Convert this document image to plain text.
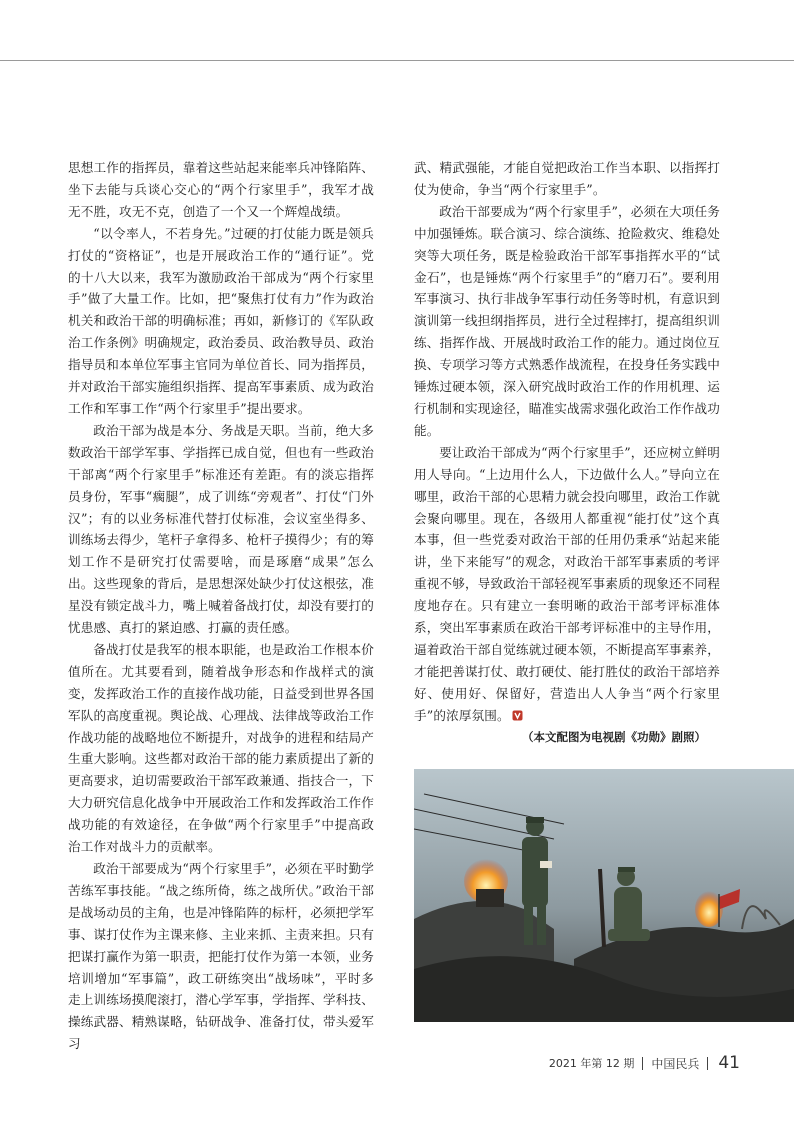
思想工作的指挥员，靠着这些站起来能率兵冲锋陷阵、坐下去能与兵谈心交心的“两个行家里手”，我军才战无不胜，攻无不克，创造了一个又一个辉煌战绩。

“以令率人，不若身先。”过硬的打仗能力既是领兵打仗的“资格证”，也是开展政治工作的“通行证”。党的十八大以来，我军为激励政治干部成为“两个行家里手”做了大量工作。比如，把“聚焦打仗有力”作为政治机关和政治干部的明确标准；再如，新修订的《军队政治工作条例》明确规定，政治委员、政治教导员、政治指导员和本单位军事主官同为单位首长、同为指挥员，并对政治干部实施组织指挥、提高军事素质、成为政治工作和军事工作“两个行家里手”提出要求。

政治干部为战是本分、务战是天职。当前，绝大多数政治干部学军事、学指挥已成自觉，但也有一些政治干部离“两个行家里手”标准还有差距。有的淡忘指挥员身份，军事“瘸腿”，成了训练“旁观者”、打仗“门外汉”；有的以业务标准代替打仗标准，会议室坐得多、训练场去得少，笔杆子拿得多、枪杆子摸得少；有的筹划工作不是研究打仗需要啥，而是琢磨“成果”怎么出。这些现象的背后，是思想深处缺少打仗这根弦，准星没有锁定战斗力，嘴上喊着备战打仗，却没有要打的忧患感、真打的紧迫感、打赢的责任感。

备战打仗是我军的根本职能，也是政治工作根本价值所在。尤其要看到，随着战争形态和作战样式的演变，发挥政治工作的直接作战功能，日益受到世界各国军队的高度重视。舆论战、心理战、法律战等政治工作作战功能的战略地位不断提升，对战争的进程和结局产生重大影响。这些都对政治干部的能力素质提出了新的更高要求，迫切需要政治干部军政兼通、指技合一，下大力研究信息化战争中开展政治工作和发挥政治工作作战功能的有效途径，在争做“两个行家里手”中提高政治工作对战斗力的贡献率。

政治干部要成为“两个行家里手”，必须在平时勤学苦练军事技能。“战之练所倚，练之战所伏。”政治干部是战场动员的主角，也是冲锋陷阵的标杆，必须把学军事、谋打仗作为主课来修、主业来抓、主责来担。只有把谋打赢作为第一职责，把能打仗作为第一本领，业务培训增加“军事篇”，政工研练突出“战场味”，平时多走上训练场摸爬滚打，潜心学军事，学指挥、学科技、操练武器、精熟谋略，钻研战争、准备打仗，带头爱军习

武、精武强能，才能自觉把政治工作当本职、以指挥打仗为使命，争当“两个行家里手”。

政治干部要成为“两个行家里手”，必须在大项任务中加强锤炼。联合演习、综合演练、抢险救灾、维稳处突等大项任务，既是检验政治干部军事指挥水平的“试金石”，也是锤炼“两个行家里手”的“磨刀石”。要利用军事演习、执行非战争军事行动任务等时机，有意识到演训第一线担纲指挥员，进行全过程摔打，提高组织训练、指挥作战、开展战时政治工作的能力。通过岗位互换、专项学习等方式熟悉作战流程，在投身任务实践中锤炼过硬本领，深入研究战时政治工作的作用机理、运行机制和实现途径，瞄准实战需求强化政治工作作战功能。

要让政治干部成为“两个行家里手”，还应树立鲜明用人导向。“上边用什么人，下边做什么人。”导向立在哪里，政治干部的心思精力就会投向哪里，政治工作就会聚向哪里。现在，各级用人都重视“能打仗”这个真本事，但一些党委对政治干部的任用仍秉承“站起来能讲，坐下来能写”的观念，对政治干部军事素质的考评重视不够，导致政治干部轻视军事素质的现象还不同程度地存在。只有建立一套明晰的政治干部考评标准体系，突出军事素质在政治干部考评标准中的主导作用，逼着政治干部自觉练就过硬本领，不断提高军事素养，才能把善谋打仗、敢打硬仗、能打胜仗的政治干部培养好、使用好、保留好，营造出人人争当“两个行家里手”的浓厚氛围。

（本文配图为电视剧《功勋》剧照）
2021 年第 12 期 中国民兵 41
